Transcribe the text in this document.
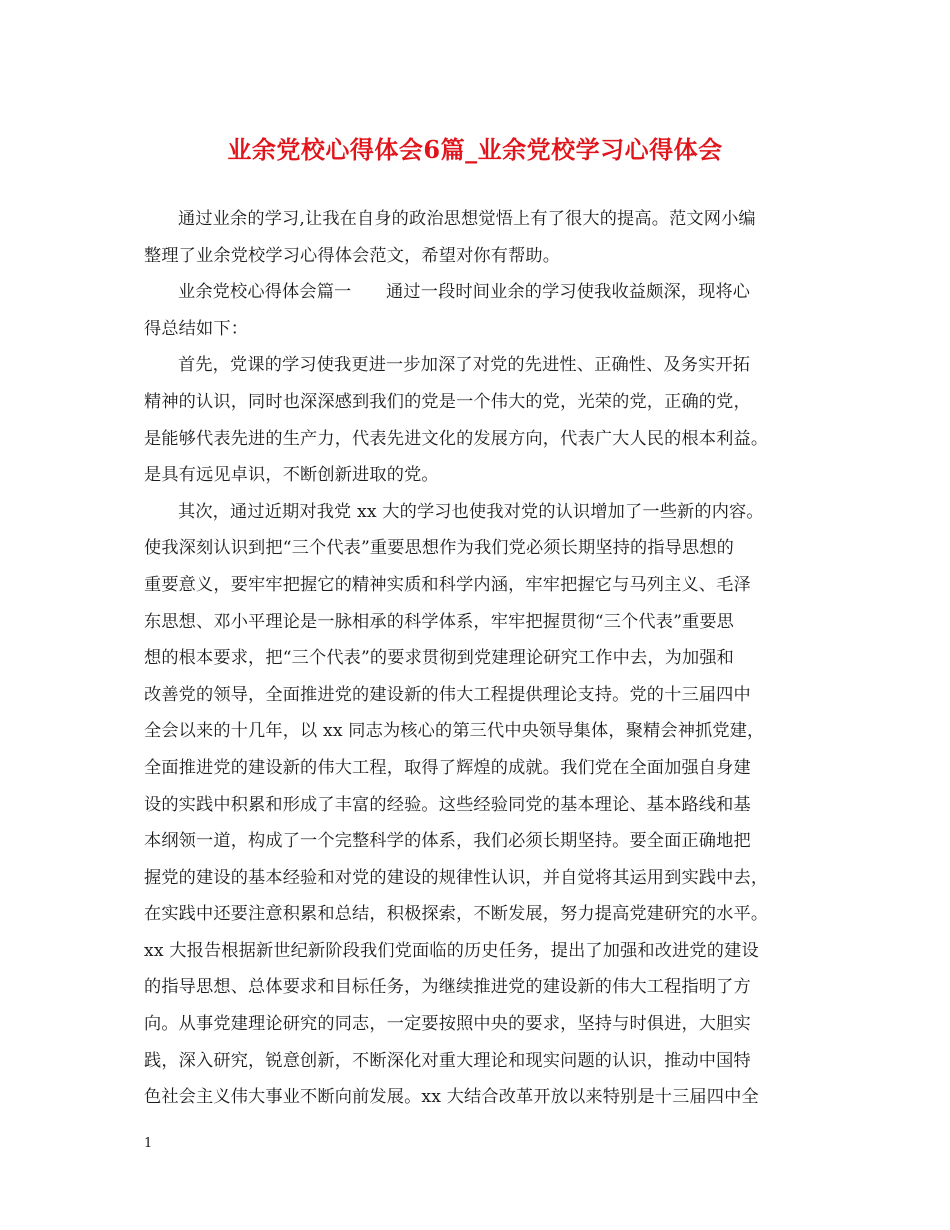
业余党校心得体会6篇_业余党校学习心得体会
通过业余的学习,让我在自身的政治思想觉悟上有了很大的提高。范文网小编
整理了业余党校学习心得体会范文，希望对你有帮助。
业余党校心得体会篇一　　通过一段时间业余的学习使我收益颇深，现将心
得总结如下：
首先，党课的学习使我更进一步加深了对党的先进性、正确性、及务实开拓
精神的认识，同时也深深感到我们的党是一个伟大的党，光荣的党，正确的党，
是能够代表先进的生产力，代表先进文化的发展方向，代表广大人民的根本利益。
是具有远见卓识，不断创新进取的党。
其次，通过近期对我党 xx 大的学习也使我对党的认识增加了一些新的内容。
使我深刻认识到把“三个代表”重要思想作为我们党必须长期坚持的指导思想的
重要意义，要牢牢把握它的精神实质和科学内涵，牢牢把握它与马列主义、毛泽
东思想、邓小平理论是一脉相承的科学体系，牢牢把握贯彻“三个代表”重要思
想的根本要求，把“三个代表”的要求贯彻到党建理论研究工作中去，为加强和
改善党的领导，全面推进党的建设新的伟大工程提供理论支持。党的十三届四中
全会以来的十几年，以 xx 同志为核心的第三代中央领导集体，聚精会神抓党建，
全面推进党的建设新的伟大工程，取得了辉煌的成就。我们党在全面加强自身建
设的实践中积累和形成了丰富的经验。这些经验同党的基本理论、基本路线和基
本纲领一道，构成了一个完整科学的体系，我们必须长期坚持。要全面正确地把
握党的建设的基本经验和对党的建设的规律性认识，并自觉将其运用到实践中去，
在实践中还要注意积累和总结，积极探索，不断发展，努力提高党建研究的水平。
xx 大报告根据新世纪新阶段我们党面临的历史任务，提出了加强和改进党的建设
的指导思想、总体要求和目标任务，为继续推进党的建设新的伟大工程指明了方
向。从事党建理论研究的同志，一定要按照中央的要求，坚持与时俱进，大胆实
践，深入研究，锐意创新，不断深化对重大理论和现实问题的认识，推动中国特
色社会主义伟大事业不断向前发展。xx 大结合改革开放以来特别是十三届四中全
1
